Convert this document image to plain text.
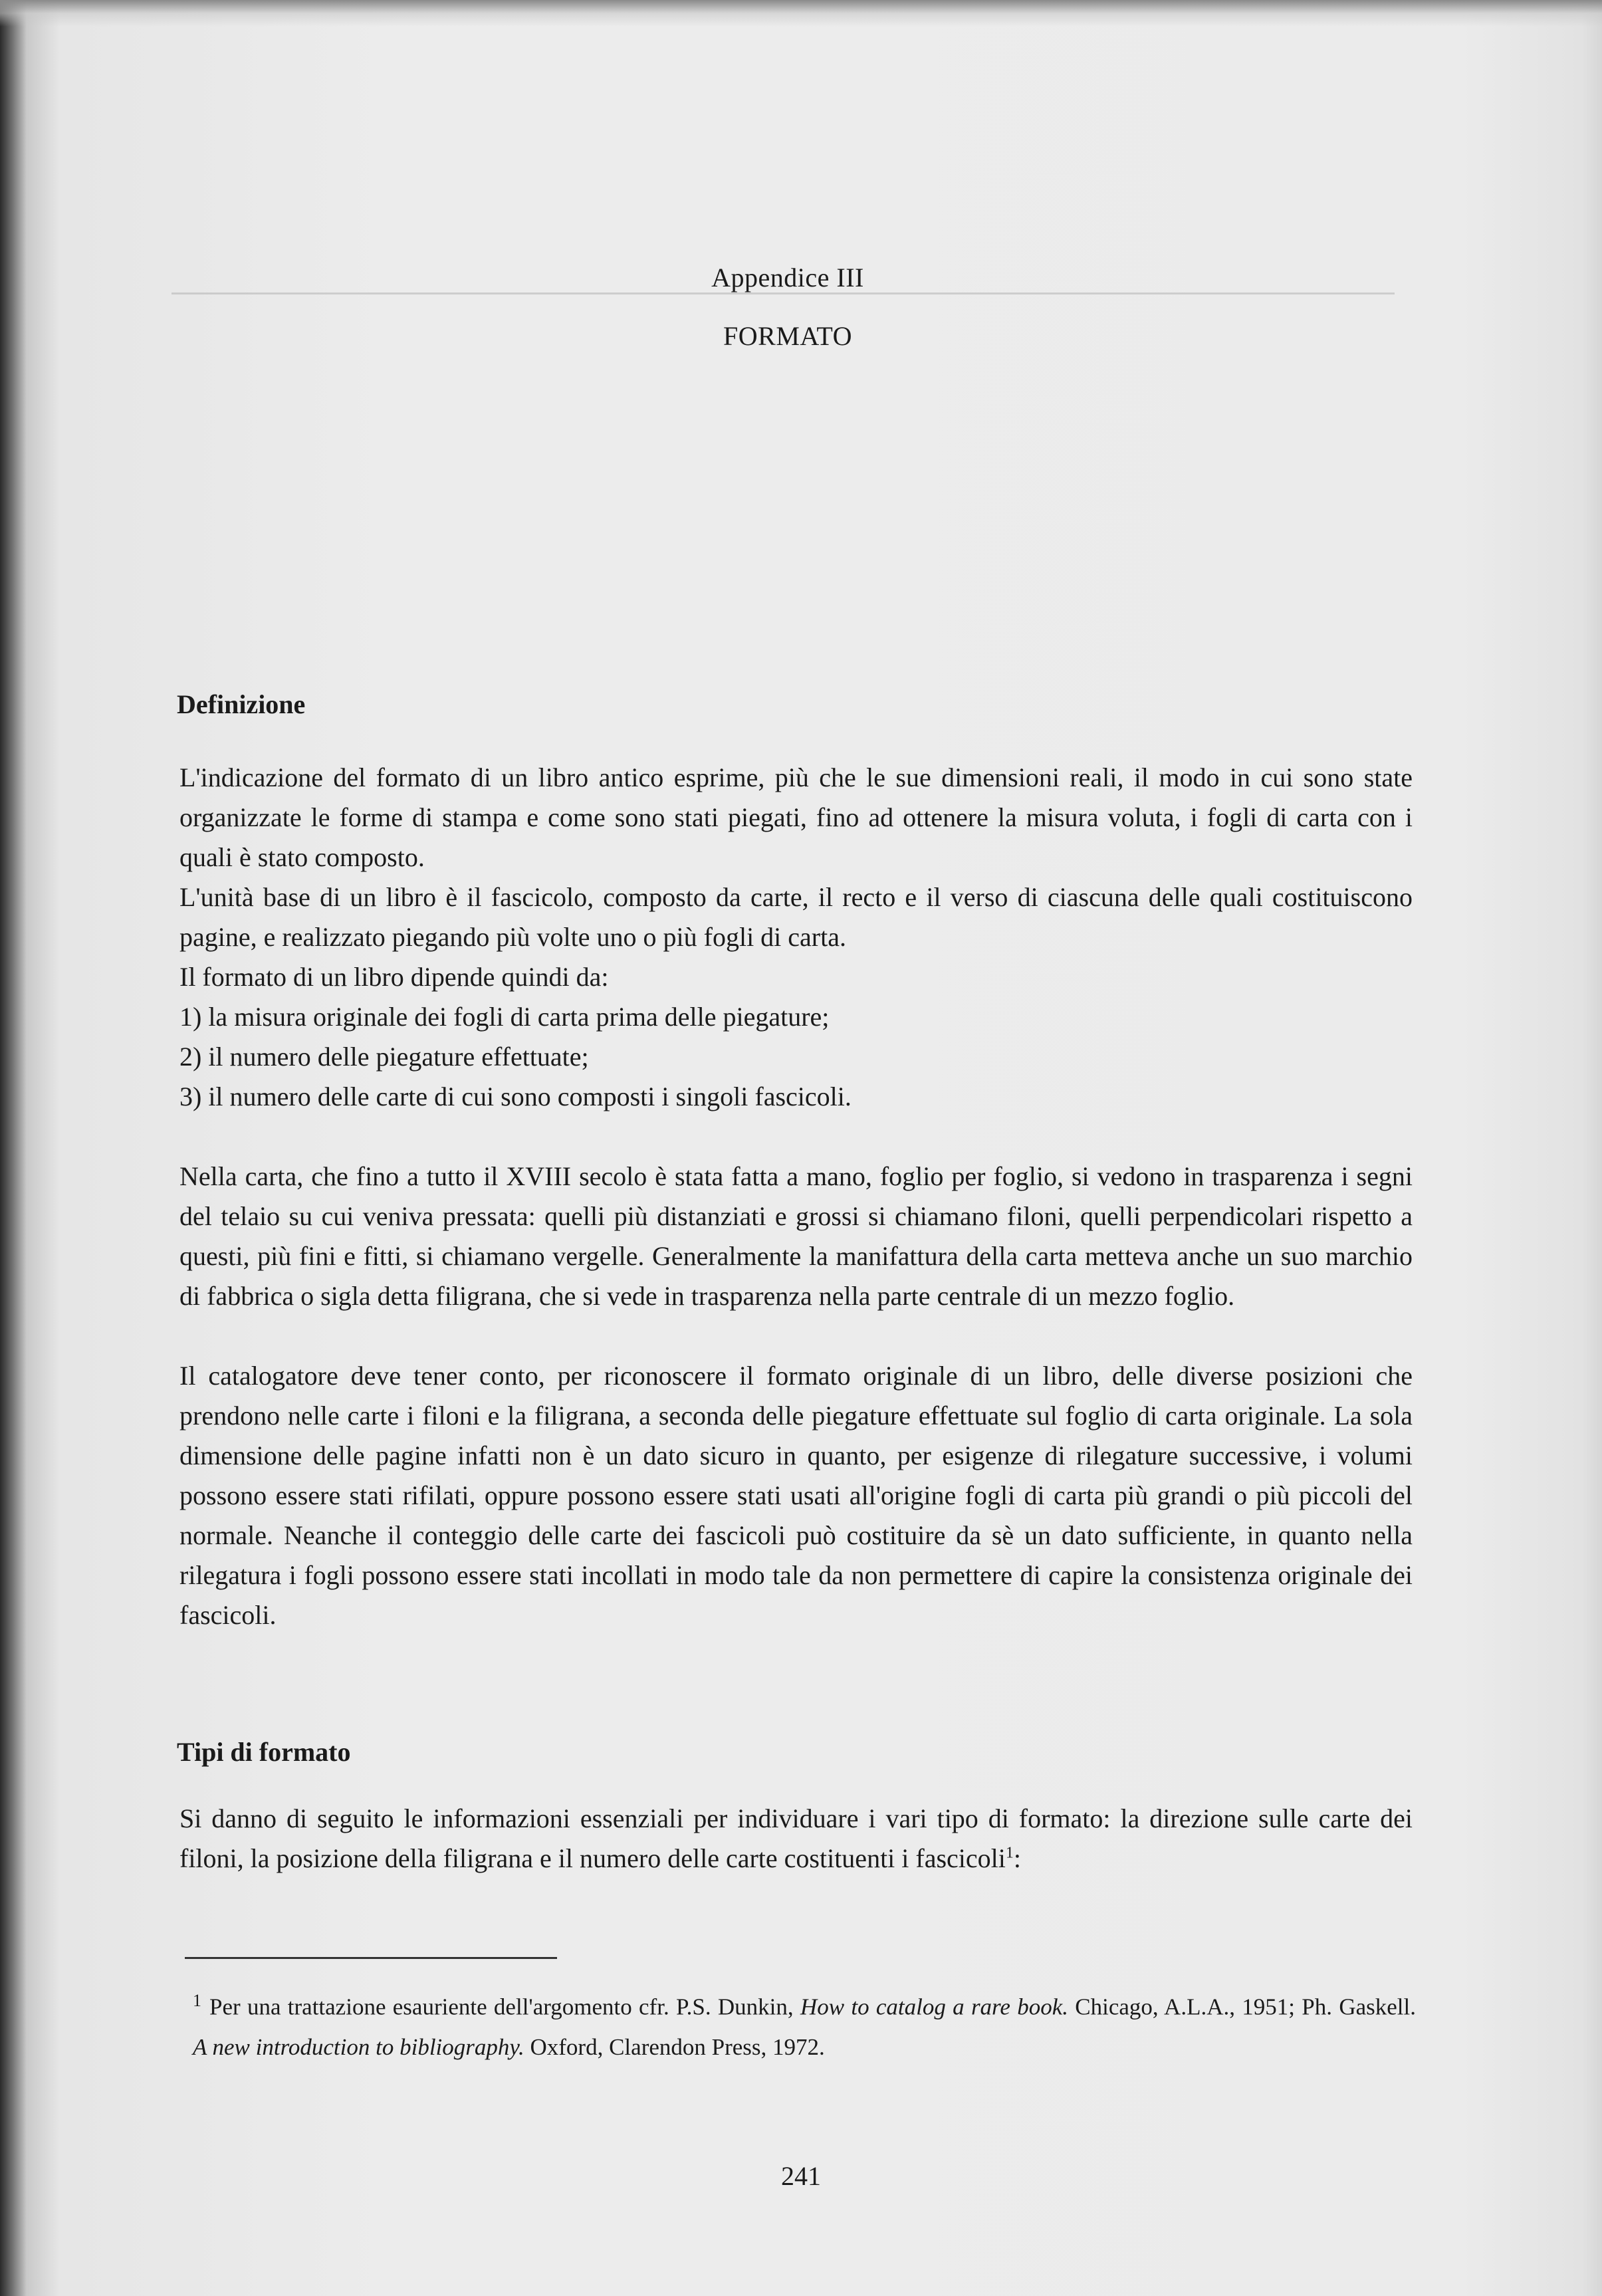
Appendice III
FORMATO
Definizione

L'indicazione del formato di un libro antico esprime, più che le sue dimensioni reali, il modo in cui sono state organizzate le forme di stampa e come sono stati piegati, fino ad ottenere la misura voluta, i fogli di carta con i quali è stato composto.

L'unità base di un libro è il fascicolo, composto da carte, il recto e il verso di ciascuna delle quali costituiscono pagine, e realizzato piegando più volte uno o più fogli di carta.

Il formato di un libro dipende quindi da:

1) la misura originale dei fogli di carta prima delle piegature;
2) il numero delle piegature effettuate;
3) il numero delle carte di cui sono composti i singoli fascicoli.

Nella carta, che fino a tutto il XVIII secolo è stata fatta a mano, foglio per foglio, si vedono in trasparenza i segni del telaio su cui veniva pressata: quelli più distanziati e grossi si chiamano filoni, quelli perpendicolari rispetto a questi, più fini e fitti, si chiamano vergelle. Generalmente la manifattura della carta metteva anche un suo marchio di fabbrica o sigla detta filigrana, che si vede in trasparenza nella parte centrale di un mezzo foglio.

Il catalogatore deve tener conto, per riconoscere il formato originale di un libro, delle diverse posizioni che prendono nelle carte i filoni e la filigrana, a seconda delle piegature effettuate sul foglio di carta originale. La sola dimensione delle pagine infatti non è un dato sicuro in quanto, per esigenze di rilegature successive, i volumi possono essere stati rifilati, oppure possono essere stati usati all'origine fogli di carta più grandi o più piccoli del normale. Neanche il conteggio delle carte dei fascicoli può costituire da sè un dato sufficiente, in quanto nella rilegatura i fogli possono essere stati incollati in modo tale da non permettere di capire la consistenza originale dei fascicoli.

Tipi di formato

Si danno di seguito le informazioni essenziali per individuare i vari tipo di formato: la direzione sulle carte dei filoni, la posizione della filigrana e il numero delle carte costituenti i fascicoli$^1$:

$^1$ Per una trattazione esauriente dell'argomento cfr. P.S. Dunkin, How to catalog a rare book. Chicago, A.L.A., 1951; Ph. Gaskell. A new introduction to bibliography. Oxford, Clarendon Press, 1972.

241
